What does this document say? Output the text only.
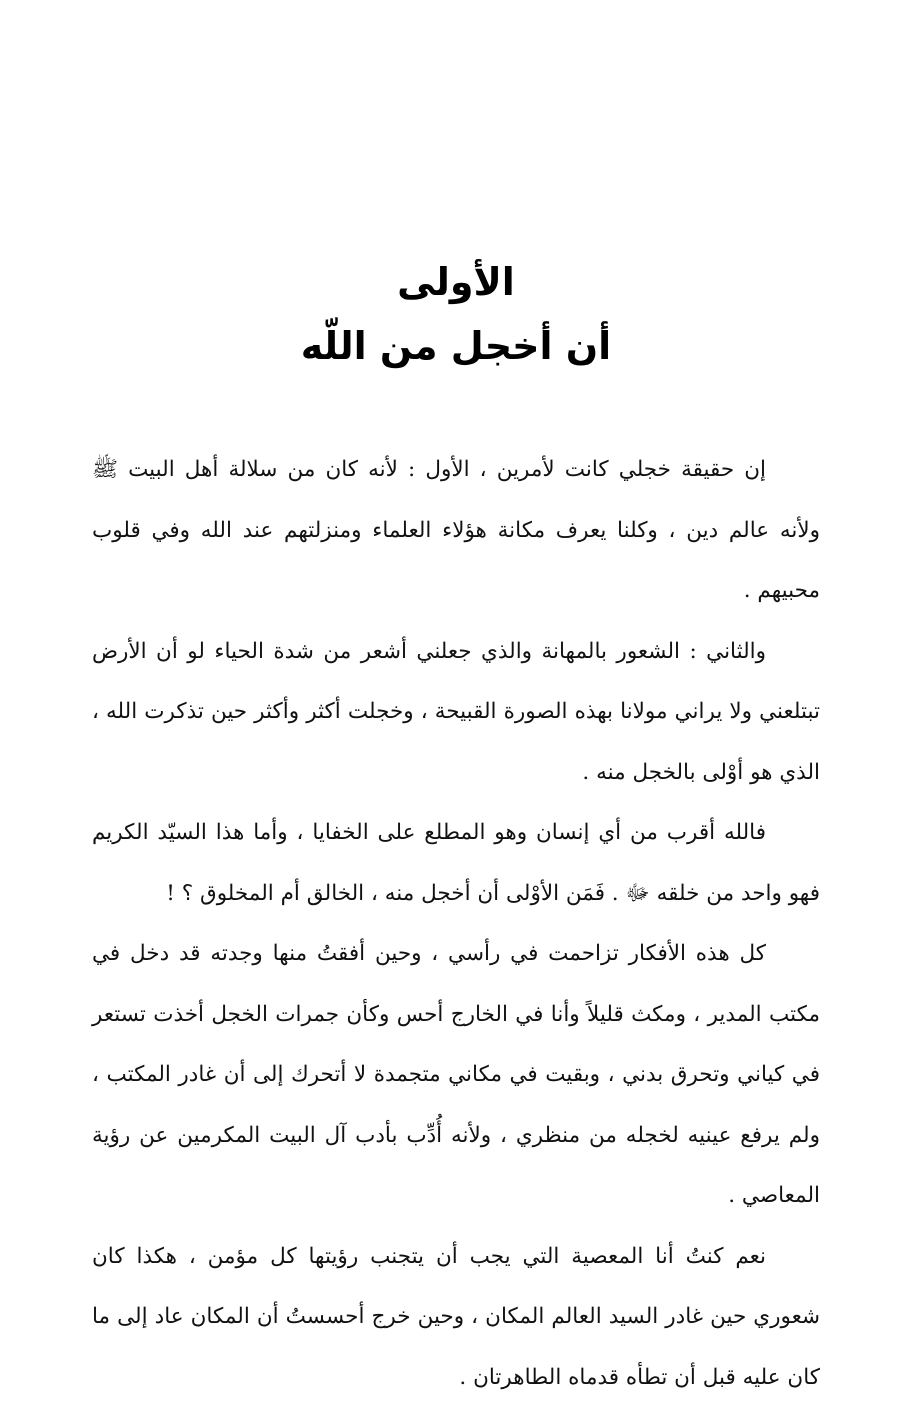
الأولى
أن أخجل من اللّه

إن حقيقة خجلي كانت لأمرين ، الأول : لأنه كان من سلالة أهل البيت ﷺ ولأنه عالم دين ، وكلنا يعرف مكانة هؤلاء العلماء ومنزلتهم عند الله وفي قلوب محبيهم .

والثاني : الشعور بالمهانة والذي جعلني أشعر من شدة الحياء لو أن الأرض تبتلعني ولا يراني مولانا بهذه الصورة القبيحة ، وخجلت أكثر وأكثر حين تذكرت الله ، الذي هو أوْلى بالخجل منه .

فالله أقرب من أي إنسان وهو المطلع على الخفايا ، وأما هذا السيّد الكريم فهو واحد من خلقه ﷻ . فَمَن الأوْلى أن أخجل منه ، الخالق أم المخلوق ؟ !

كل هذه الأفكار تزاحمت في رأسي ، وحين أفقتُ منها وجدته قد دخل في مكتب المدير ، ومكث قليلاً وأنا في الخارج أحس وكأن جمرات الخجل أخذت تستعر في كياني وتحرق بدني ، وبقيت في مكاني متجمدة لا أتحرك إلى أن غادر المكتب ، ولم يرفع عينيه لخجله من منظري ، ولأنه أُدِّب بأدب آل البيت المكرمين عن رؤية المعاصي .

نعم كنتُ أنا المعصية التي يجب أن يتجنب رؤيتها كل مؤمن ، هكذا كان شعوري حين غادر السيد العالم المكان ، وحين خرج أحسستُ أن المكان عاد إلى ما كان عليه قبل أن تطأه قدماه الطاهرتان .
